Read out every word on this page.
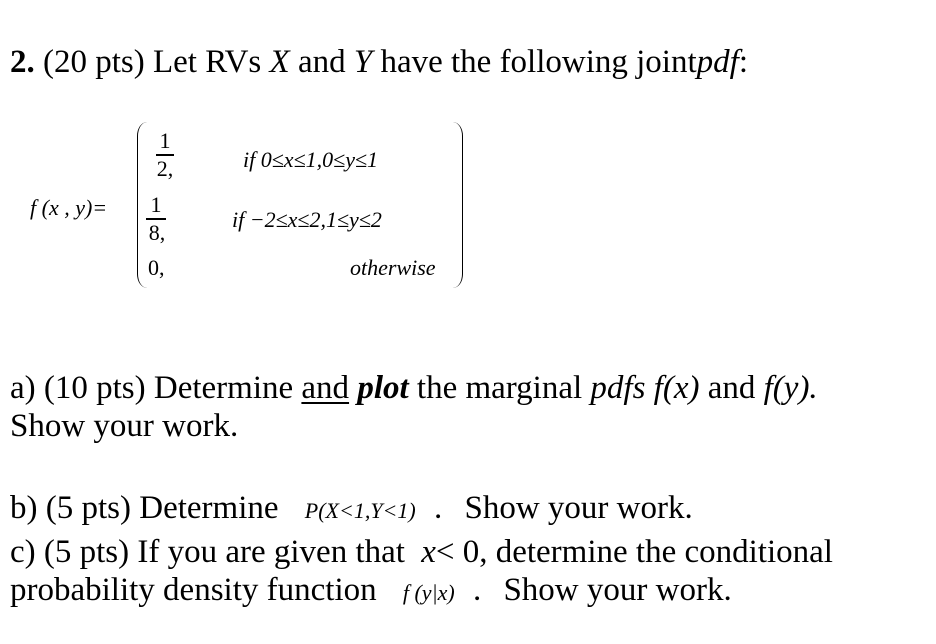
2. (20 pts) Let RVs X and Y have the following jointpdf:
f (x , y)=
1
2,	if 0≤x≤1,0≤y≤1
1
8,
if −2≤x≤2,1≤y≤2
0,	otherwise
a) (10 pts) Determine and plot the marginal pdfs f(x) and f(y).
Show your work.
b) (5 pts) Determine P(X<1,Y<1) . Show your work.
c) (5 pts) If you are given that x< 0, determine the conditional
probability density function f (y|x) . Show your work.
